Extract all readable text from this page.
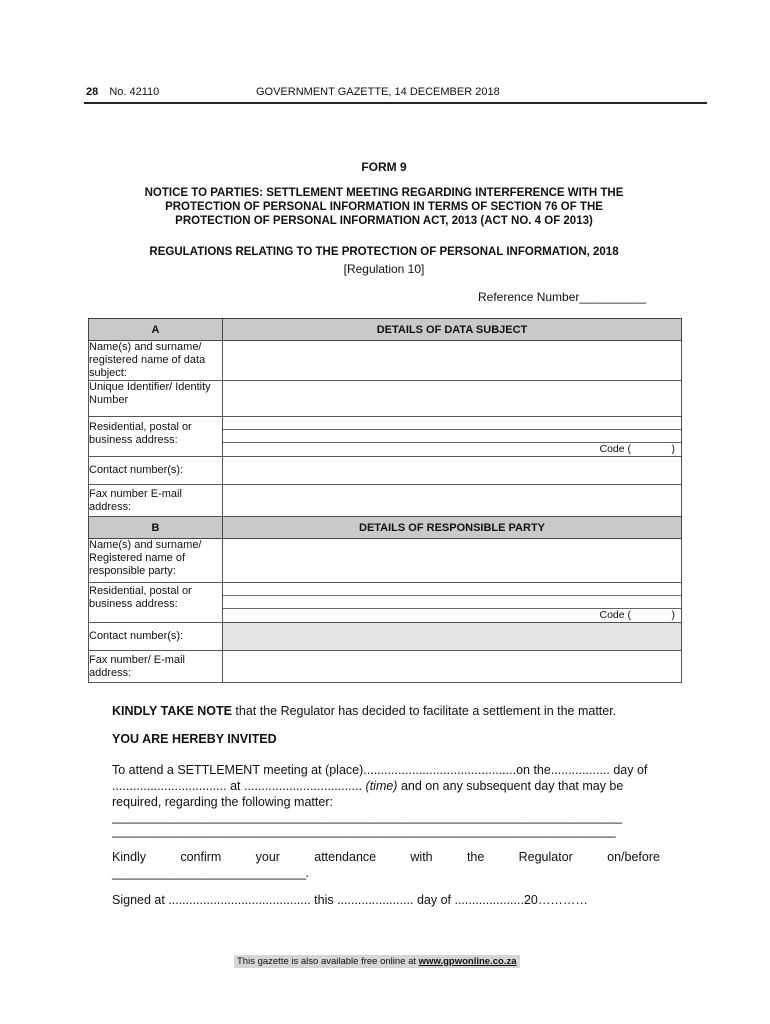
28 No. 42110	GOVERNMENT GAZETTE, 14 DECEMBER 2018
FORM 9
NOTICE TO PARTIES: SETTLEMENT MEETING REGARDING INTERFERENCE WITH THE
PROTECTION OF PERSONAL INFORMATION IN TERMS OF SECTION 76 OF THE
PROTECTION OF PERSONAL INFORMATION ACT, 2013 (ACT NO. 4 OF 2013)
REGULATIONS RELATING TO THE PROTECTION OF PERSONAL INFORMATION, 2018
[Regulation 10]
Reference Number__________
A	DETAILS OF DATA SUBJECT
Name(s) and surname/ registered name of data subject:	
Unique Identifier/ Identity Number	
Residential, postal or business address:	Code ( )

Contact number(s):	
Fax number E-mail address:	
B	DETAILS OF RESPONSIBLE PARTY
Name(s) and surname/ Registered name of responsible party:	
Residential, postal or business address:	Code ( )

Contact number(s):	
Fax number/ E-mail address:	
KINDLY TAKE NOTE that the Regulator has decided to facilitate a settlement in the matter.
YOU ARE HEREBY INVITED
To attend a SETTLEMENT meeting at (place)............................................on the................. day of ................................. at .................................. (time) and on any subsequent day that may be required, regarding the following matter:
_______________________________________________________________________________
______________________________________________________________________________
Kindly	confirm	your	attendance	with	the	Regulator	on/before
______________________________.
Signed at ......................................... this ...................... day of ....................20…………
This gazette is also available free online at www.gpwonline.co.za
